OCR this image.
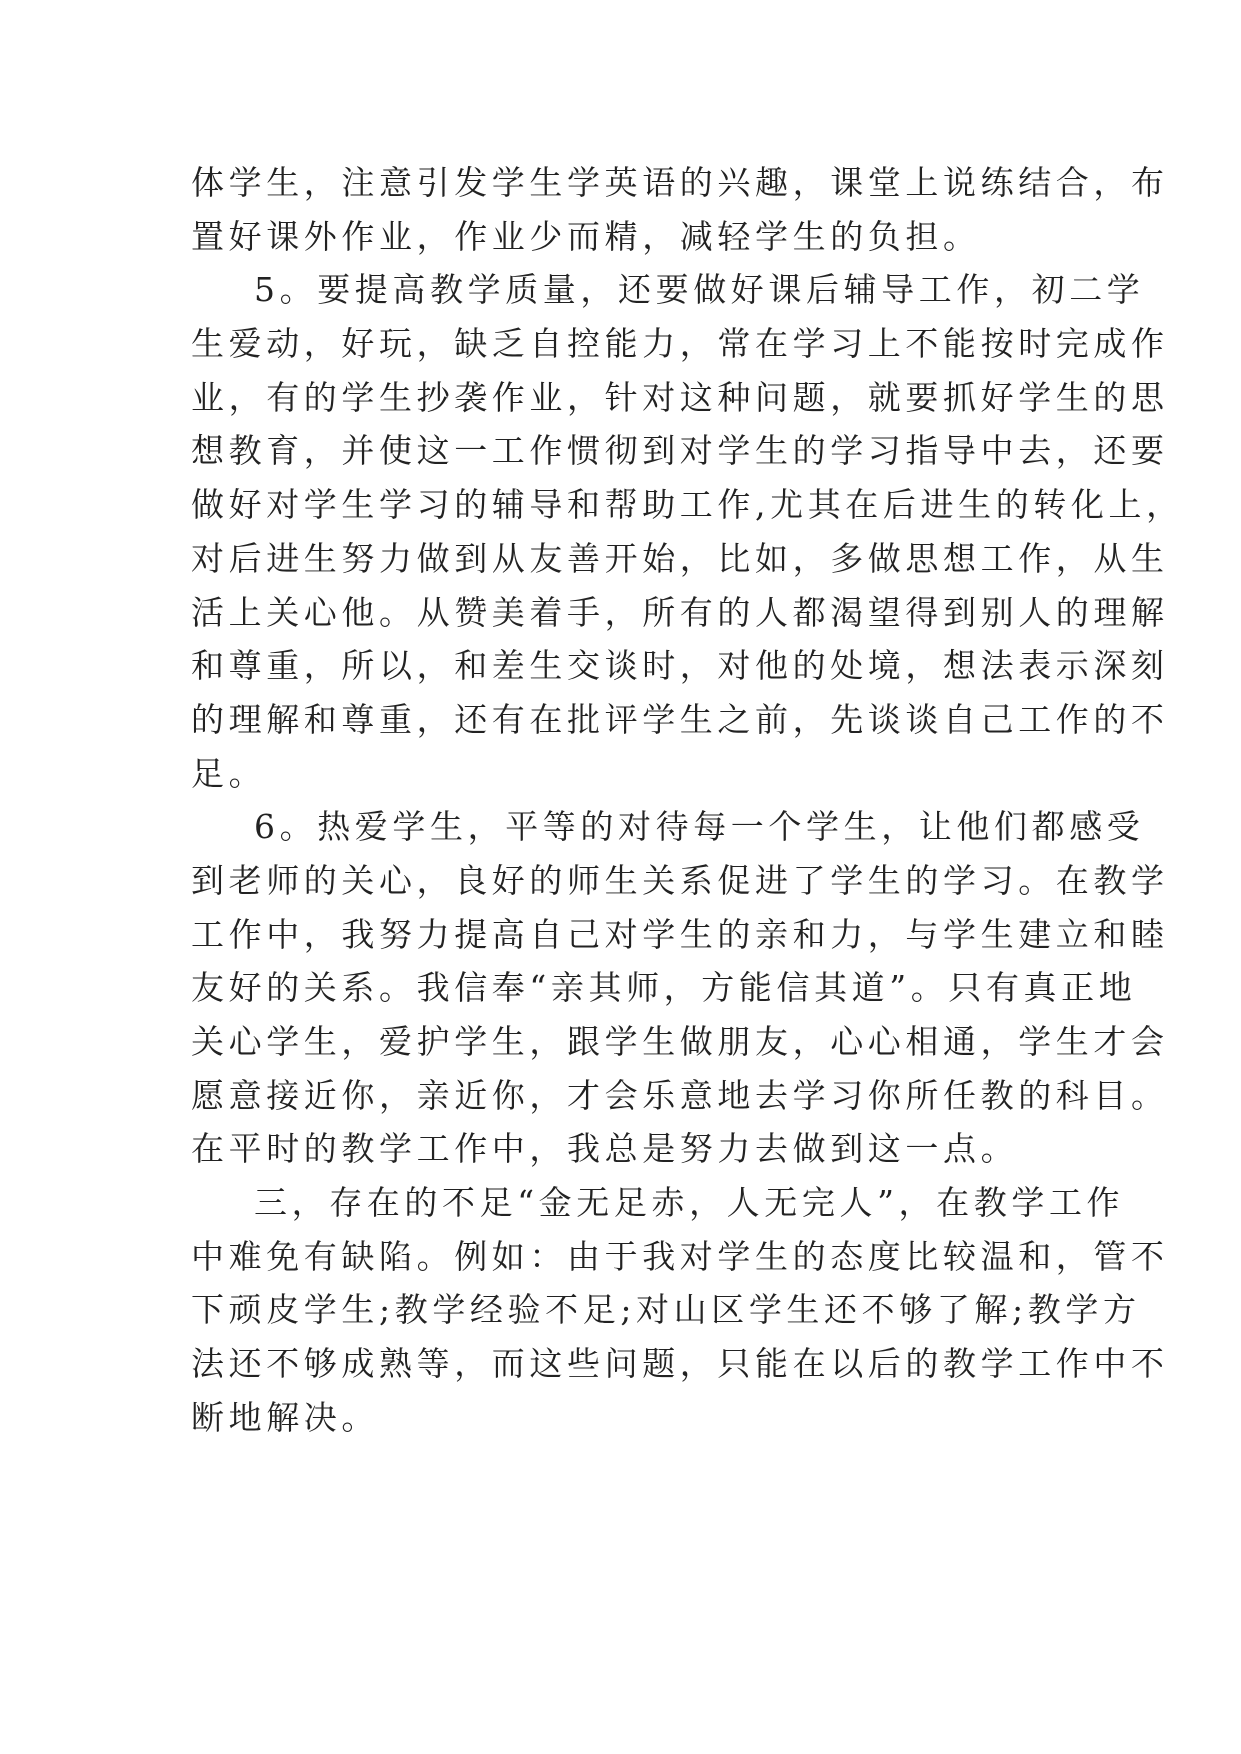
体学生，注意引发学生学英语的兴趣，课堂上说练结合，布
置好课外作业，作业少而精，减轻学生的负担。
5。要提高教学质量，还要做好课后辅导工作，初二学
生爱动，好玩，缺乏自控能力，常在学习上不能按时完成作
业，有的学生抄袭作业，针对这种问题，就要抓好学生的思
想教育，并使这一工作惯彻到对学生的学习指导中去，还要
做好对学生学习的辅导和帮助工作,尤其在后进生的转化上，
对后进生努力做到从友善开始，比如，多做思想工作，从生
活上关心他。从赞美着手，所有的人都渴望得到别人的理解
和尊重，所以，和差生交谈时，对他的处境，想法表示深刻
的理解和尊重，还有在批评学生之前，先谈谈自己工作的不
足。
6。热爱学生，平等的对待每一个学生，让他们都感受
到老师的关心，良好的师生关系促进了学生的学习。在教学
工作中，我努力提高自己对学生的亲和力，与学生建立和睦
友好的关系。我信奉“亲其师，方能信其道”。只有真正地
关心学生，爱护学生，跟学生做朋友，心心相通，学生才会
愿意接近你，亲近你，才会乐意地去学习你所任教的科目。
在平时的教学工作中，我总是努力去做到这一点。
三，存在的不足“金无足赤，人无完人”，在教学工作
中难免有缺陷。例如：由于我对学生的态度比较温和，管不
下顽皮学生;教学经验不足;对山区学生还不够了解;教学方
法还不够成熟等，而这些问题，只能在以后的教学工作中不
断地解决。
